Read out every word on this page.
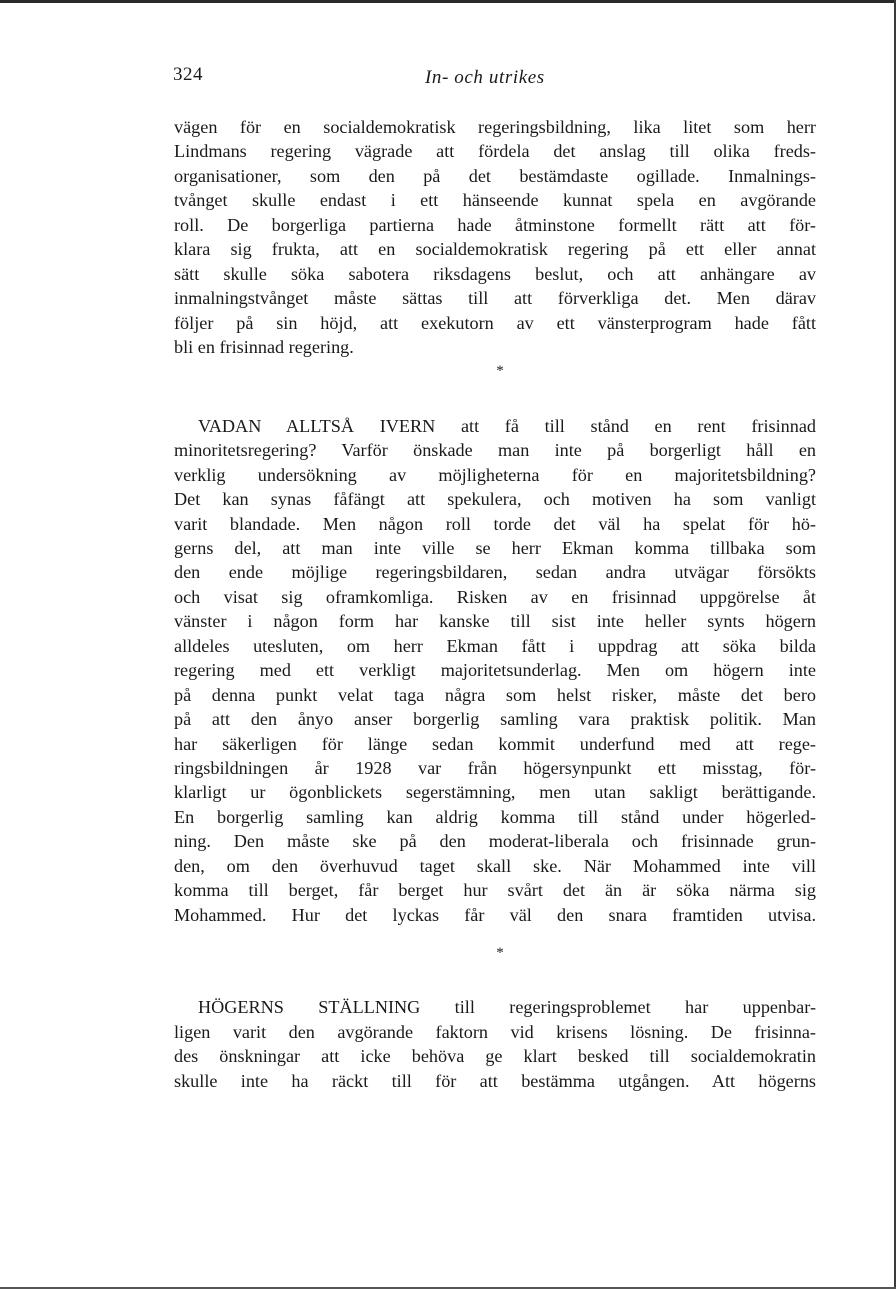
324	In- och utrikes
vägen för en socialdemokratisk regeringsbildning, lika litet som herr
Lindmans regering vägrade att fördela det anslag till olika freds-
organisationer, som den på det bestämdaste ogillade. Inmalnings-
tvånget skulle endast i ett hänseende kunnat spela en avgörande
roll. De borgerliga partierna hade åtminstone formellt rätt att för-
klara sig frukta, att en socialdemokratisk regering på ett eller annat
sätt skulle söka sabotera riksdagens beslut, och att anhängare av
inmalningstvånget måste sättas till att förverkliga det. Men därav
följer på sin höjd, att exekutorn av ett vänsterprogram hade fått
bli en frisinnad regering.
*
VADAN ALLTSÅ IVERN att få till stånd en rent frisinnad
minoritetsregering? Varför önskade man inte på borgerligt håll en
verklig undersökning av möjligheterna för en majoritetsbildning?
Det kan synas fåfängt att spekulera, och motiven ha som vanligt
varit blandade. Men någon roll torde det väl ha spelat för hö-
gerns del, att man inte ville se herr Ekman komma tillbaka som
den ende möjlige regeringsbildaren, sedan andra utvägar försökts
och visat sig oframkomliga. Risken av en frisinnad uppgörelse åt
vänster i någon form har kanske till sist inte heller synts högern
alldeles utesluten, om herr Ekman fått i uppdrag att söka bilda
regering med ett verkligt majoritetsunderlag. Men om högern inte
på denna punkt velat taga några som helst risker, måste det bero
på att den ånyo anser borgerlig samling vara praktisk politik. Man
har säkerligen för länge sedan kommit underfund med att rege-
ringsbildningen år 1928 var från högersynpunkt ett misstag, för-
klarligt ur ögonblickets segerstämning, men utan sakligt berättigande.
En borgerlig samling kan aldrig komma till stånd under högerled-
ning. Den måste ske på den moderat-liberala och frisinnade grun-
den, om den överhuvud taget skall ske. När Mohammed inte vill
komma till berget, får berget hur svårt det än är söka närma sig
Mohammed. Hur det lyckas får väl den snara framtiden utvisa.
*
HÖGERNS STÄLLNING till regeringsproblemet har uppenbar-
ligen varit den avgörande faktorn vid krisens lösning. De frisinna-
des önskningar att icke behöva ge klart besked till socialdemokratin
skulle inte ha räckt till för att bestämma utgången. Att högerns
